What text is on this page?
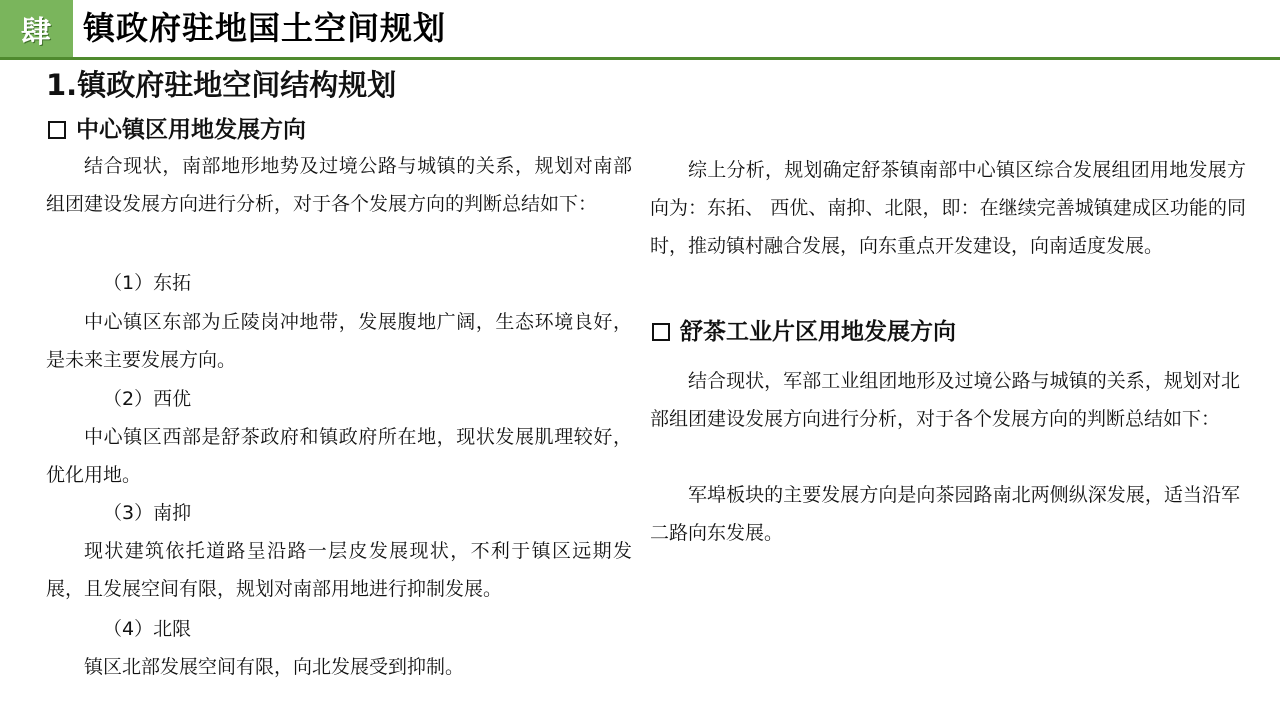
肆 镇政府驻地国土空间规划
1.镇政府驻地空间结构规划
中心镇区用地发展方向

结合现状，南部地形地势及过境公路与城镇的关系，规划对南部组团建设发展方向进行分析，对于各个发展方向的判断总结如下：

（1）东拓

中心镇区东部为丘陵岗冲地带，发展腹地广阔，生态环境良好，是未来主要发展方向。

（2）西优

中心镇区西部是舒茶政府和镇政府所在地，现状发展肌理较好，优化用地。

（3）南抑

现状建筑依托道路呈沿路一层皮发展现状，不利于镇区远期发展，且发展空间有限，规划对南部用地进行抑制发展。

（4）北限

镇区北部发展空间有限，向北发展受到抑制。

综上分析，规划确定舒茶镇南部中心镇区综合发展组团用地发展方向为：东拓、 西优、南抑、北限，即：在继续完善城镇建成区功能的同时，推动镇村融合发展，向东重点开发建设，向南适度发展。

舒茶工业片区用地发展方向

结合现状，军部工业组团地形及过境公路与城镇的关系，规划对北部组团建设发展方向进行分析，对于各个发展方向的判断总结如下：

军埠板块的主要发展方向是向茶园路南北两侧纵深发展，适当沿军二路向东发展。
